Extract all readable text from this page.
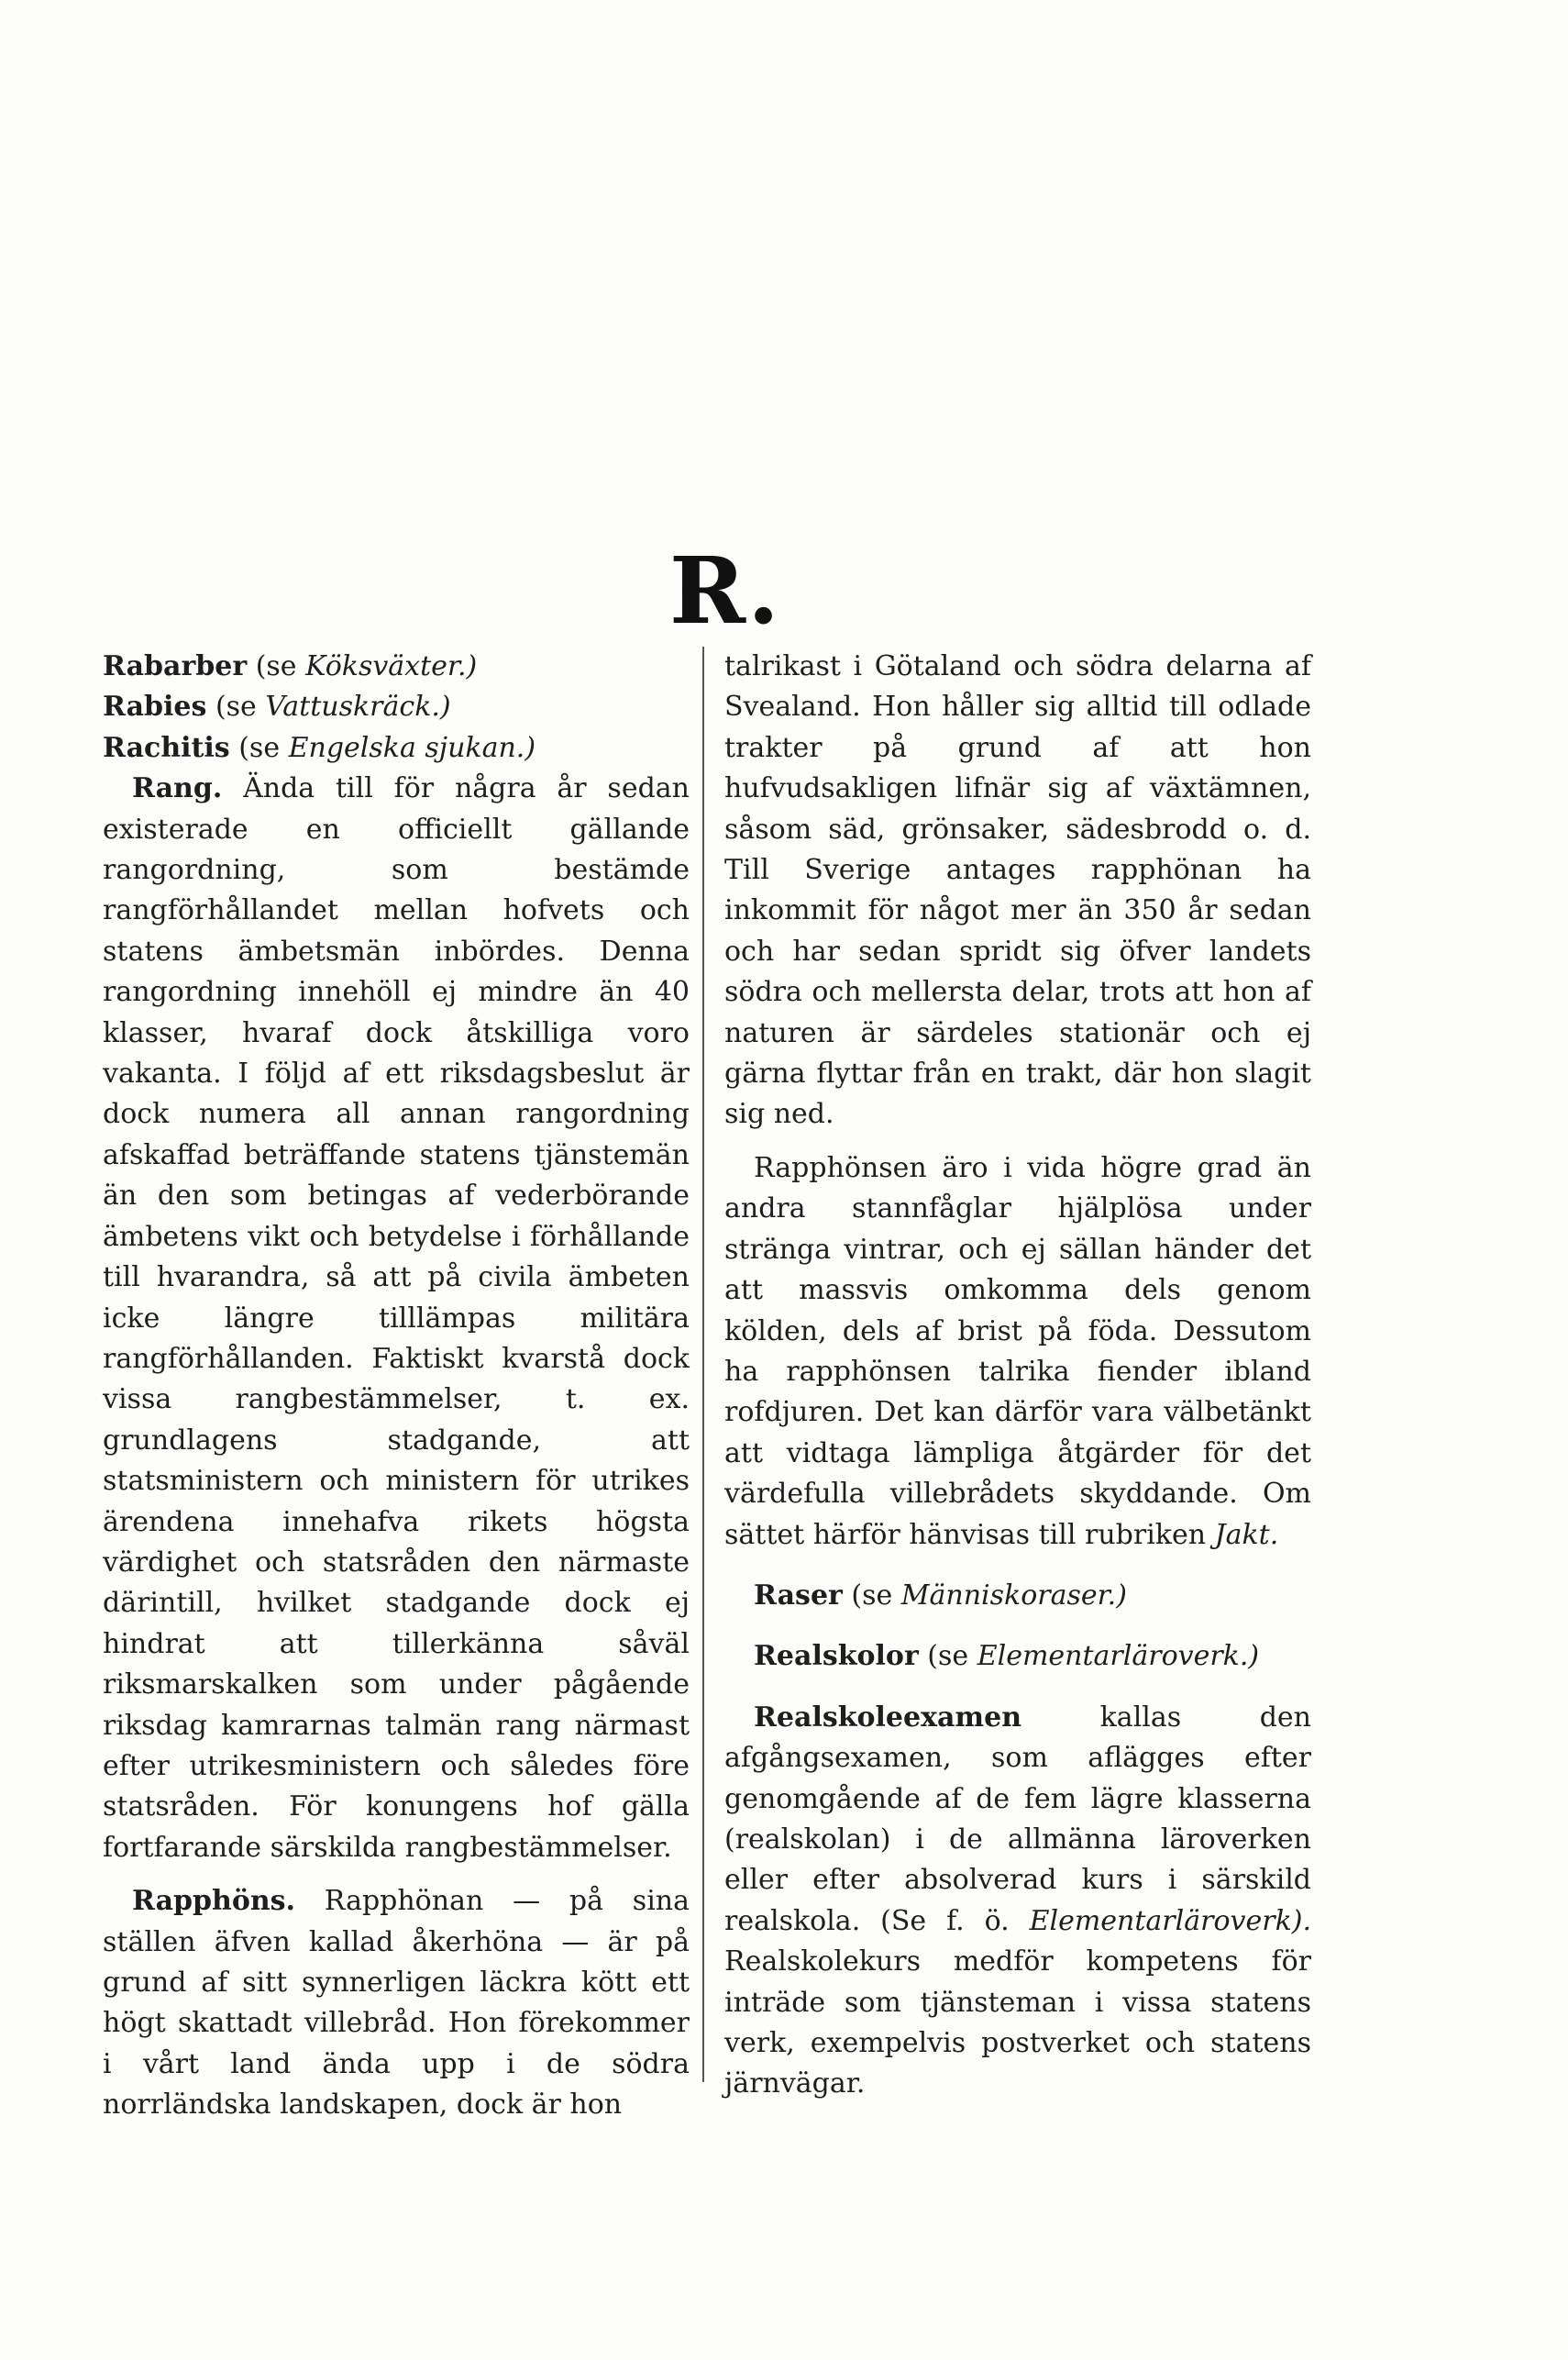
R.

Rabarber (se Köksväxter.)

Rabies (se Vattuskräck.)

Rachitis (se Engelska sjukan.)

Rang. Ända till för några år sedan existerade en officiellt gällande rangordning, som bestämde rangförhållandet mellan hofvets och statens ämbetsmän inbördes. Denna rangordning innehöll ej mindre än 40 klasser, hvaraf dock åtskilliga voro vakanta. I följd af ett riksdagsbeslut är dock numera all annan rangordning afskaffad beträffande statens tjänstemän än den som betingas af vederbörande ämbetens vikt och betydelse i förhållande till hvarandra, så att på civila ämbeten icke längre tilllämpas militära rangförhållanden. Faktiskt kvarstå dock vissa rangbestämmelser, t. ex. grundlagens stadgande, att statsministern och ministern för utrikes ärendena innehafva rikets högsta värdighet och statsråden den närmaste därintill, hvilket stadgande dock ej hindrat att tillerkänna såväl riksmarskalken som under pågående riksdag kamrarnas talmän rang närmast efter utrikesministern och således före statsråden. För konungens hof gälla fortfarande särskilda rangbestämmelser.

Rapphöns. Rapphönan — på sina ställen äfven kallad åkerhöna — är på grund af sitt synnerligen läckra kött ett högt skattadt villebråd. Hon förekommer i vårt land ända upp i de södra norrländska landskapen, dock är hon

talrikast i Götaland och södra delarna af Svealand. Hon håller sig alltid till odlade trakter på grund af att hon hufvudsakligen lifnär sig af växtämnen, såsom säd, grönsaker, sädesbrodd o. d. Till Sverige antages rapphönan ha inkommit för något mer än 350 år sedan och har sedan spridt sig öfver landets södra och mellersta delar, trots att hon af naturen är särdeles stationär och ej gärna flyttar från en trakt, där hon slagit sig ned.

Rapphönsen äro i vida högre grad än andra stannfåglar hjälplösa under stränga vintrar, och ej sällan händer det att massvis omkomma dels genom kölden, dels af brist på föda. Dessutom ha rapphönsen talrika fiender ibland rofdjuren. Det kan därför vara välbetänkt att vidtaga lämpliga åtgärder för det värdefulla villebrådets skyddande. Om sättet härför hänvisas till rubriken Jakt.

Raser (se Människoraser.)

Realskolor (se Elementarläroverk.)

Realskoleexamen kallas den afgångsexamen, som aflägges efter genomgående af de fem lägre klasserna (realskolan) i de allmänna läroverken eller efter absolverad kurs i särskild realskola. (Se f. ö. Elementarläroverk). Realskolekurs medför kompetens för inträde som tjänsteman i vissa statens verk, exempelvis postverket och statens järnvägar.
